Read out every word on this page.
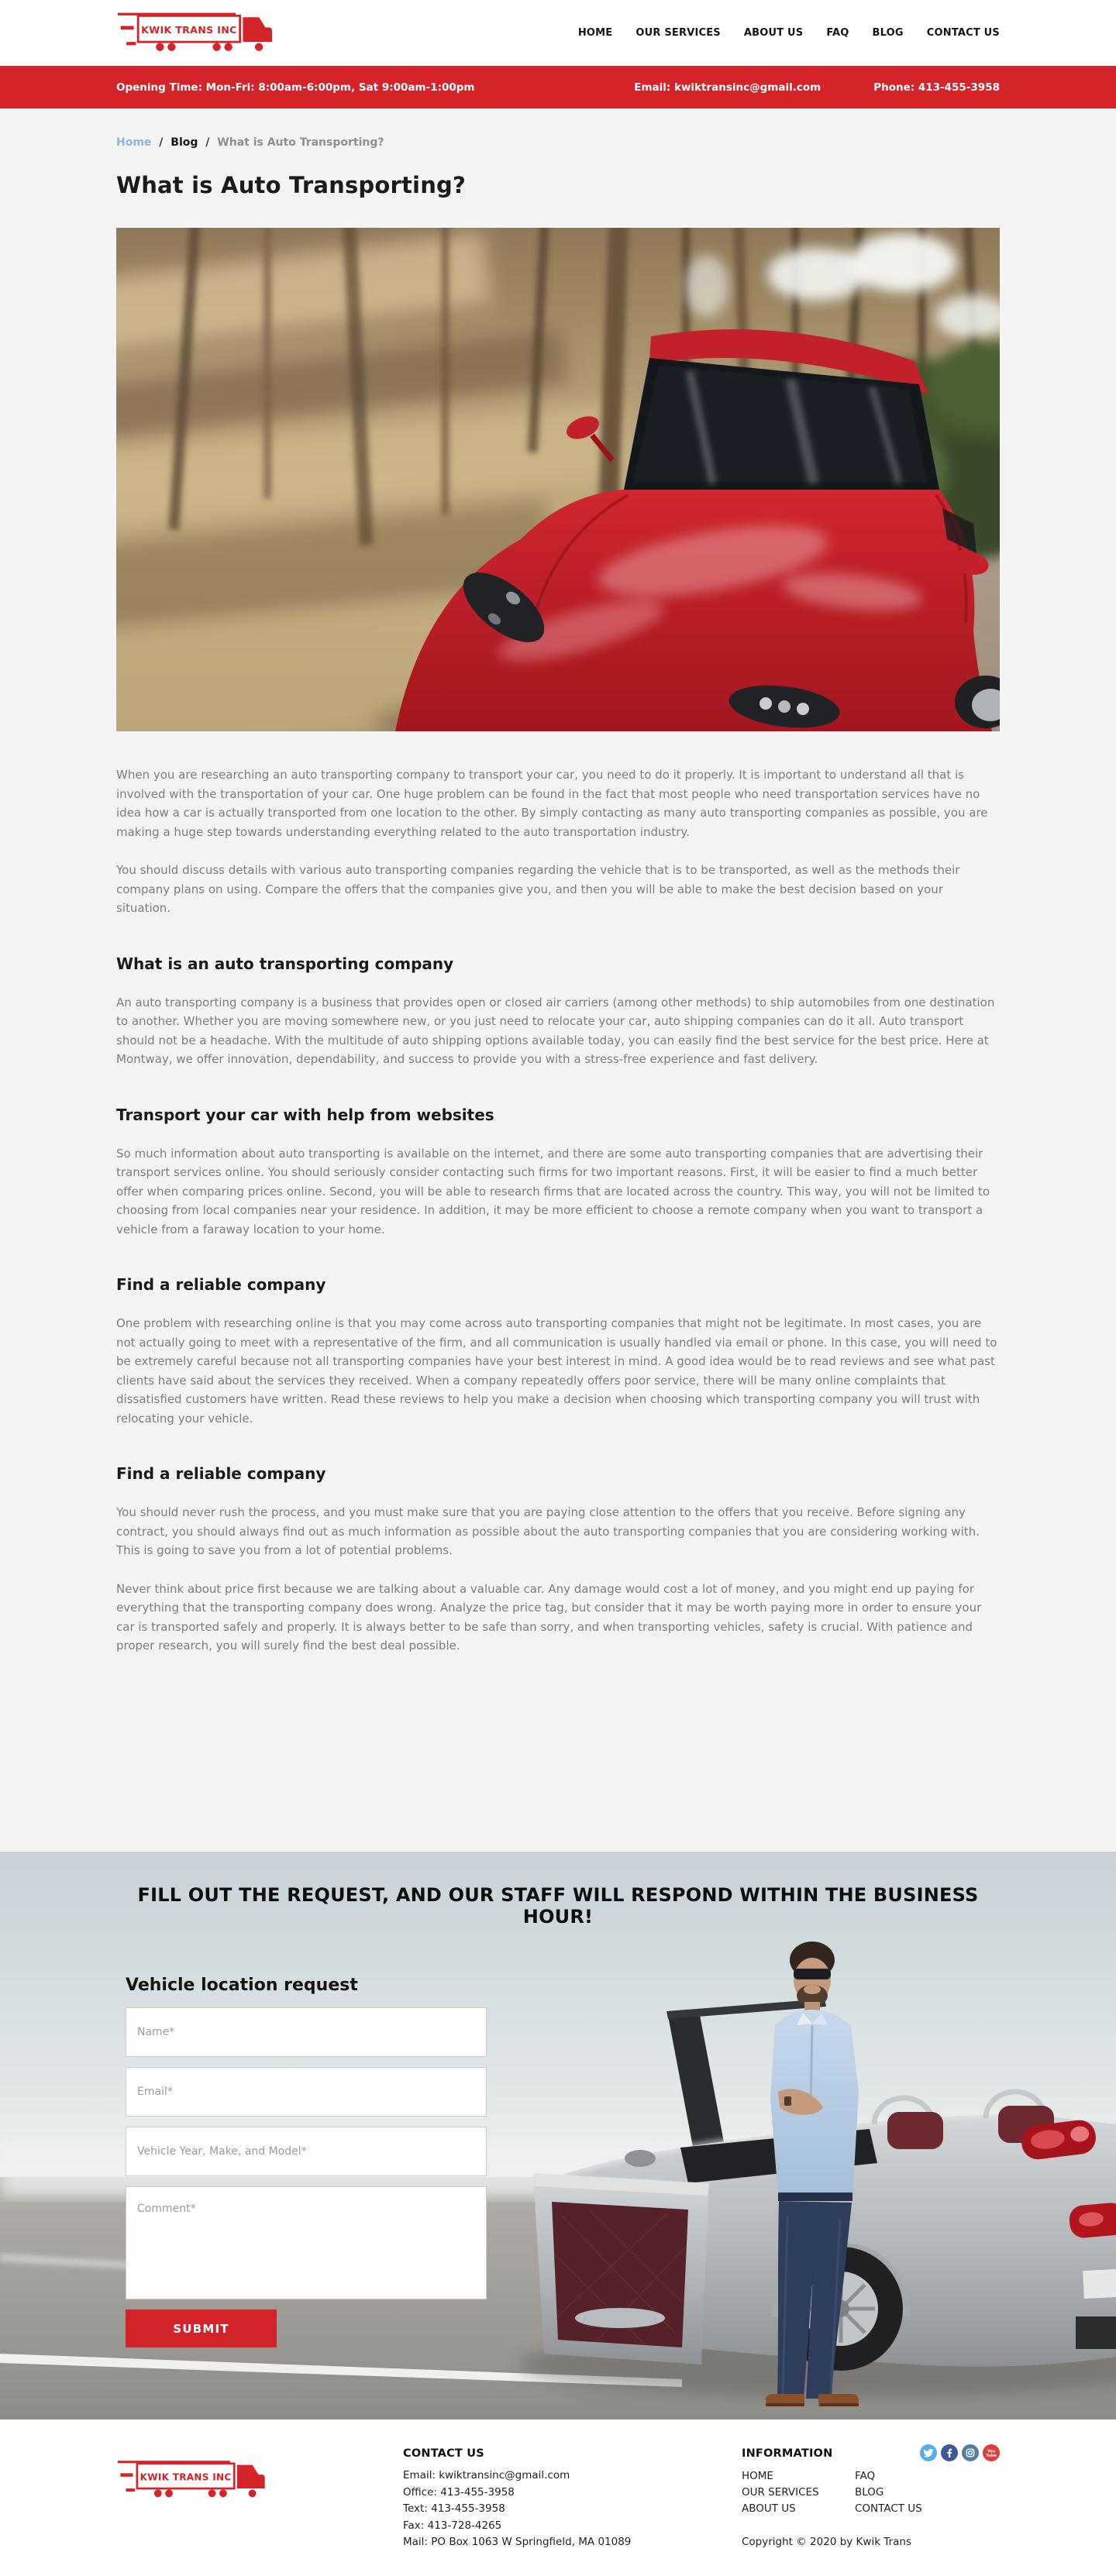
KWIK TRANS INC	HOME OUR SERVICES ABOUT US FAQ BLOG CONTACT US
Opening Time: Mon-Fri: 8:00am-6:00pm, Sat 9:00am-1:00pm	Email: kwiktransinc@gmail.com	Phone: 413-455-3958
Home / Blog / What is Auto Transporting?
What is Auto Transporting?

When you are researching an auto transporting company to transport your car, you need to do it properly. It is important to understand all that is involved with the transportation of your car. One huge problem can be found in the fact that most people who need transportation services have no idea how a car is actually transported from one location to the other. By simply contacting as many auto transporting companies as possible, you are making a huge step towards understanding everything related to the auto transportation industry.

You should discuss details with various auto transporting companies regarding the vehicle that is to be transported, as well as the methods their company plans on using. Compare the offers that the companies give you, and then you will be able to make the best decision based on your situation.

What is an auto transporting company

An auto transporting company is a business that provides open or closed air carriers (among other methods) to ship automobiles from one destination to another. Whether you are moving somewhere new, or you just need to relocate your car, auto shipping companies can do it all. Auto transport should not be a headache. With the multitude of auto shipping options available today, you can easily find the best service for the best price. Here at Montway, we offer innovation, dependability, and success to provide you with a stress-free experience and fast delivery.

Transport your car with help from websites

So much information about auto transporting is available on the internet, and there are some auto transporting companies that are advertising their transport services online. You should seriously consider contacting such firms for two important reasons. First, it will be easier to find a much better offer when comparing prices online. Second, you will be able to research firms that are located across the country. This way, you will not be limited to choosing from local companies near your residence. In addition, it may be more efficient to choose a remote company when you want to transport a vehicle from a faraway location to your home.

Find a reliable company

One problem with researching online is that you may come across auto transporting companies that might not be legitimate. In most cases, you are not actually going to meet with a representative of the firm, and all communication is usually handled via email or phone. In this case, you will need to be extremely careful because not all transporting companies have your best interest in mind. A good idea would be to read reviews and see what past clients have said about the services they received. When a company repeatedly offers poor service, there will be many online complaints that dissatisfied customers have written. Read these reviews to help you make a decision when choosing which transporting company you will trust with relocating your vehicle.

Find a reliable company

You should never rush the process, and you must make sure that you are paying close attention to the offers that you receive. Before signing any contract, you should always find out as much information as possible about the auto transporting companies that you are considering working with. This is going to save you from a lot of potential problems.

Never think about price first because we are talking about a valuable car. Any damage would cost a lot of money, and you might end up paying for everything that the transporting company does wrong. Analyze the price tag, but consider that it may be worth paying more in order to ensure your car is transported safely and properly. It is always better to be safe than sorry, and when transporting vehicles, safety is crucial. With patience and proper research, you will surely find the best deal possible.

FILL OUT THE REQUEST, AND OUR STAFF WILL RESPOND WITHIN THE BUSINESS HOUR!
Vehicle location request
Name*
Email*
Vehicle Year, Make, and Model*
Comment*
SUBMIT
KWIK TRANS INC
CONTACT US

Email: kwiktransinc@gmail.com

Office: 413-455-3958

Text: 413-455-3958

Fax: 413-728-4265

Mail: PO Box 1063 W Springfield, MA 01089

INFORMATION
HOME	FAQ
OUR SERVICES	BLOG
ABOUT US	CONTACT US
Copyright © 2020 by Kwik Trans
You
Tube
